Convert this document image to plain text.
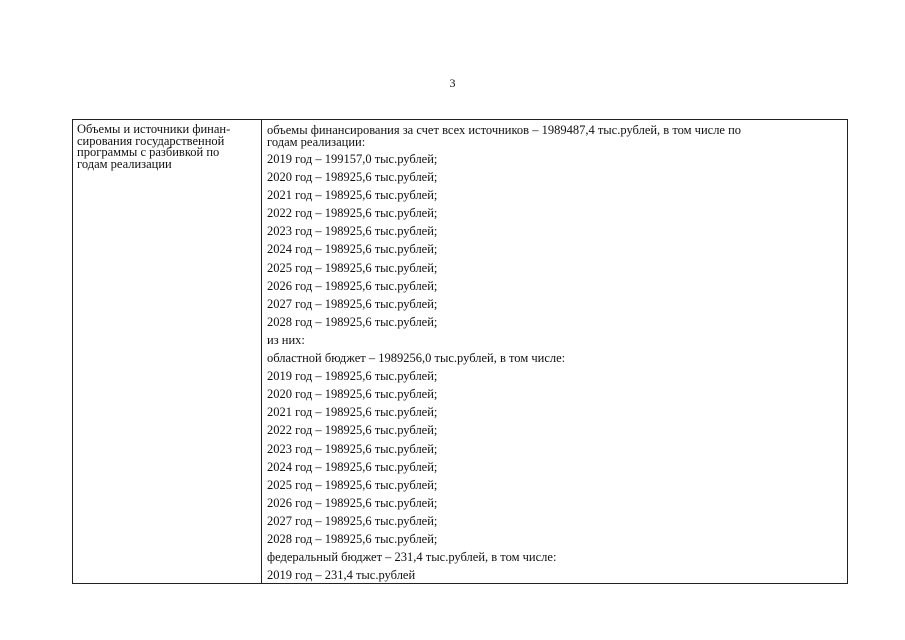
3
Объемы и источники финан-
сирования государственной
программы с разбивкой по
годам реализации
объемы финансирования за счет всех источников – 1989487,4 тыс.рублей, в том числе по
годам реализации:
2019 год – 199157,0 тыс.рублей;
2020 год – 198925,6 тыс.рублей;
2021 год – 198925,6 тыс.рублей;
2022 год – 198925,6 тыс.рублей;
2023 год – 198925,6 тыс.рублей;
2024 год – 198925,6 тыс.рублей;
2025 год – 198925,6 тыс.рублей;
2026 год – 198925,6 тыс.рублей;
2027 год – 198925,6 тыс.рублей;
2028 год – 198925,6 тыс.рублей;
из них:
областной бюджет – 1989256,0 тыс.рублей, в том числе:
2019 год – 198925,6 тыс.рублей;
2020 год – 198925,6 тыс.рублей;
2021 год – 198925,6 тыс.рублей;
2022 год – 198925,6 тыс.рублей;
2023 год – 198925,6 тыс.рублей;
2024 год – 198925,6 тыс.рублей;
2025 год – 198925,6 тыс.рублей;
2026 год – 198925,6 тыс.рублей;
2027 год – 198925,6 тыс.рублей;
2028 год – 198925,6 тыс.рублей;
федеральный бюджет – 231,4 тыс.рублей, в том числе:
2019 год – 231,4 тыс.рублей
